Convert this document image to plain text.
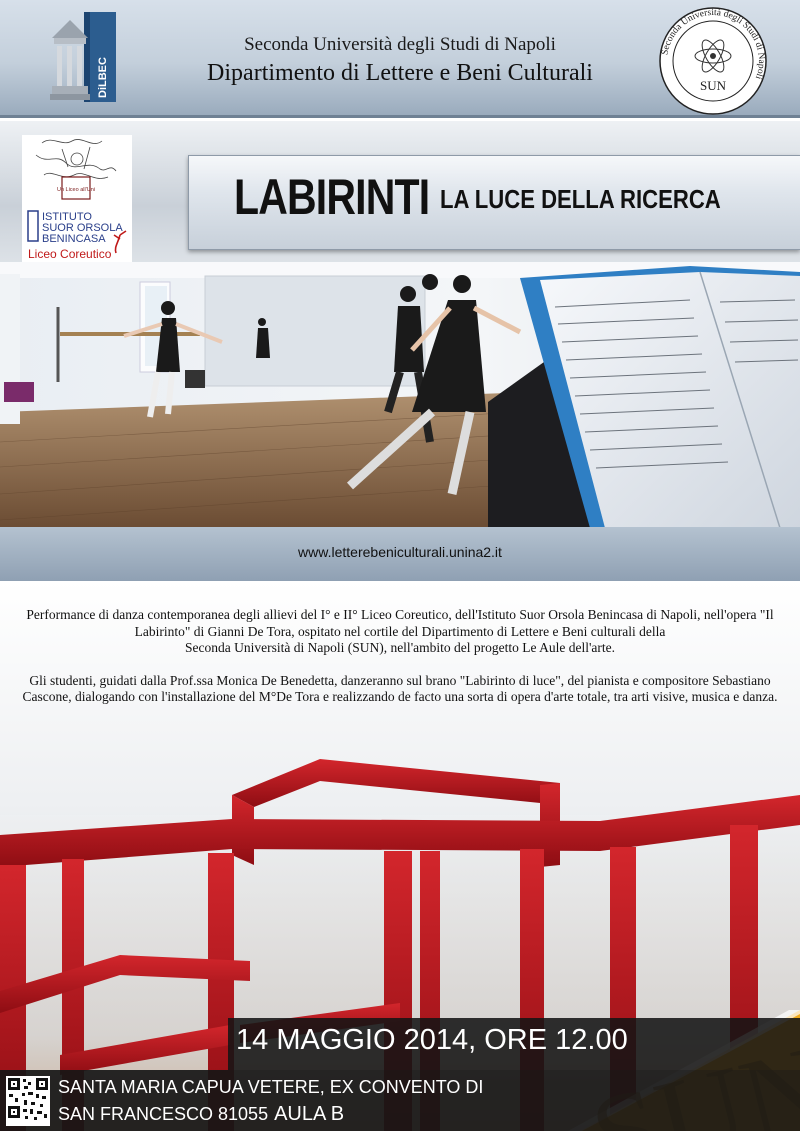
DiLBEC
Seconda Università degli Studi di Napoli
Dipartimento di Lettere e Beni Culturali
Seconda Università degli Studi di Napoli
SUN
Un Liceo all'Uni
ISTITUTO
SUOR ORSOLA
BENINCASA
Liceo Coreutico
LABIRINTI LA LUCE DELLA RICERCA
www.letterebeniculturali.unina2.it

Performance di danza contemporanea degli allievi del I° e II° Liceo Coreutico, dell'Istituto Suor Orsola Benincasa di Napoli, nell'opera "Il Labirinto" di Gianni De Tora, ospitato nel cortile del Dipartimento di Lettere e Beni culturali della
Seconda Università di Napoli (SUN), nell'ambito del progetto Le Aule dell'arte.

Gli studenti, guidati dalla Prof.ssa Monica De Benedetta, danzeranno sul brano "Labirinto di luce", del pianista e compositore Sebastiano Cascone, dialogando con l'installazione del M°De Tora e realizzando de facto una sorta di opera d'arte totale, tra arti visive, musica e danza.

14 MAGGIO 2014, ORE 12.00
SANTA MARIA CAPUA VETERE, EX CONVENTO DI
SAN FRANCESCO 81055 AULA B
